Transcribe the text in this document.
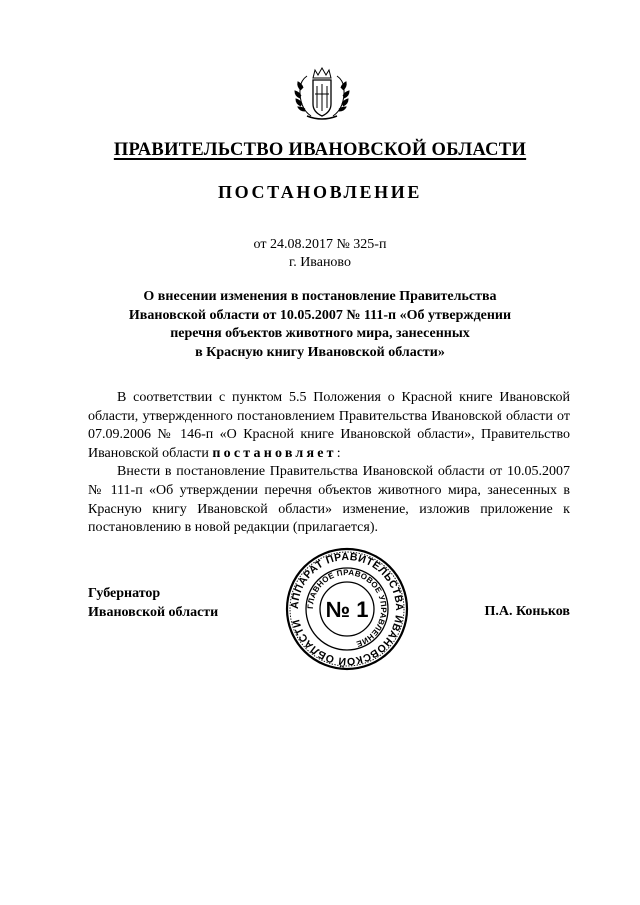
ПРАВИТЕЛЬСТВО ИВАНОВСКОЙ ОБЛАСТИ
ПОСТАНОВЛЕНИЕ
от 24.08.2017 № 325-п
г. Иваново
О внесении изменения в постановление Правительства
Ивановской области от 10.05.2007 № 111-п «Об утверждении
перечня объектов животного мира, занесенных
в Красную книгу Ивановской области»

В соответствии с пунктом 5.5 Положения о Красной книге Ивановской области, утвержденного постановлением Правительства Ивановской области от 07.09.2006 № 146-п «О Красной книге Ивановской области», Правительство Ивановской области постановляет:

Внести в постановление Правительства Ивановской области от 10.05.2007 № 111-п «Об утверждении перечня объектов животного мира, занесенных в Красную книгу Ивановской области» изменение, изложив приложение к постановлению в новой редакции (прилагается).

Губернатор
Ивановской области	П.А. Коньков
АППАРАТ ПРАВИТЕЛЬСТВА ИВАНОВСКОЙ ОБЛАСТИ
ГЛАВНОЕ ПРАВОВОЕ УПРАВЛЕНИЕ
№ 1
